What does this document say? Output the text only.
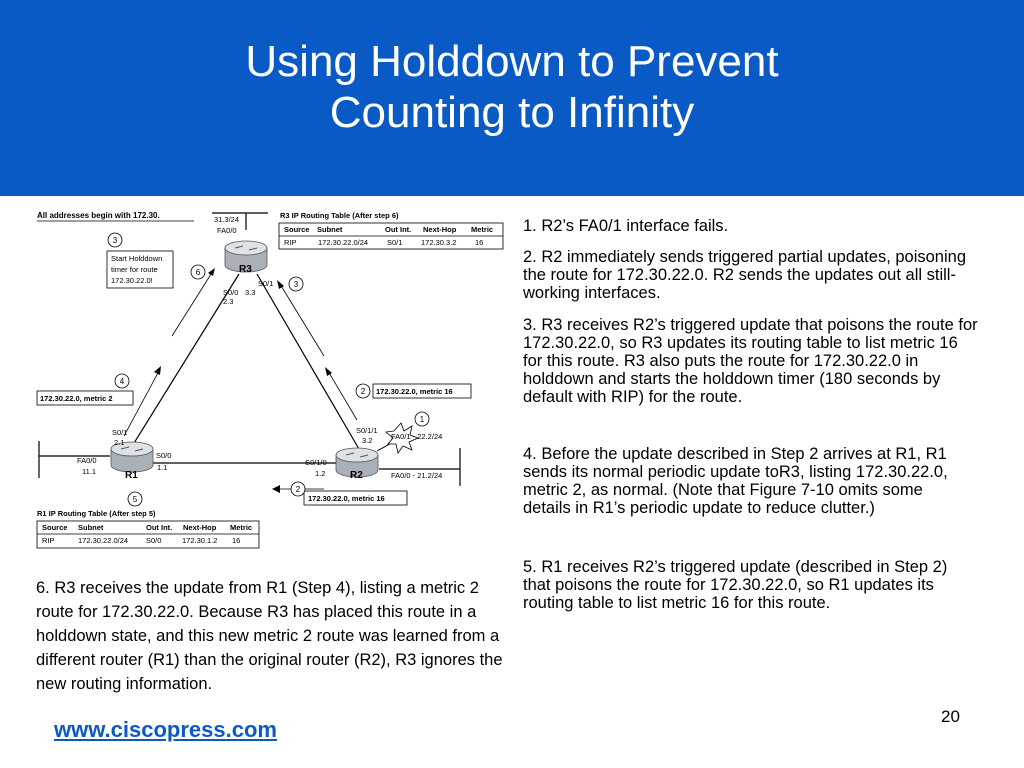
Using Holddown to Prevent
Counting to Infinity
All addresses begin with 172.30.	31.3/24
FA0/0
R3 IP Routing Table (After step 6)
Source Subnet	Out Int. Next-Hop Metric
RIP	172.30.22.0/24	S0/1 172.30.3.2 16
R3
R1	R2
S0/1
3.3
S0/0
2.3
S0/1
2.1
FA0/0
11.1
S0/0
1.1
S0/1/1
3.2 FA0/1 - 22.2/24
S0/1/0
1.2	FA0/0 - 21.2/24
Start Holddown
timer for route
172.30.22.0!
172.30.22.0, metric 2
172.30.22.0, metric 16
172.30.22.0, metric 16
R1 IP Routing Table (After step 5)
Source Subnet	Out Int. Next-Hop Metric
RIP	172.30.22.0/24 S0/0	172.30.1.2 16
1
2
2
3
3
4
5
6

1. R2’s FA0/1 interface fails.

2. R2 immediately sends triggered partial updates, poisoning the route for 172.30.22.0. R2 sends the updates out all still-working interfaces.

3. R3 receives R2’s triggered update that poisons the route for 172.30.22.0, so R3 updates its routing table to list metric 16 for this route. R3 also puts the route for 172.30.22.0 in holddown and starts the holddown timer (180 seconds by default with RIP) for the route.

4. Before the update described in Step 2 arrives at R1, R1 sends its normal periodic update toR3, listing 172.30.22.0, metric 2, as normal. (Note that Figure 7-10 omits some details in R1’s periodic update to reduce clutter.)

5. R1 receives R2’s triggered update (described in Step 2) that poisons the route for 172.30.22.0, so R1 updates its routing table to list metric 16 for this route.

6. R3 receives the update from R1 (Step 4), listing a metric 2 route for 172.30.22.0. Because R3 has placed this route in a holddown state, and this new metric 2 route was learned from a different router (R1) than the original router (R2), R3 ignores the new routing information.

www.ciscopress.com
20
